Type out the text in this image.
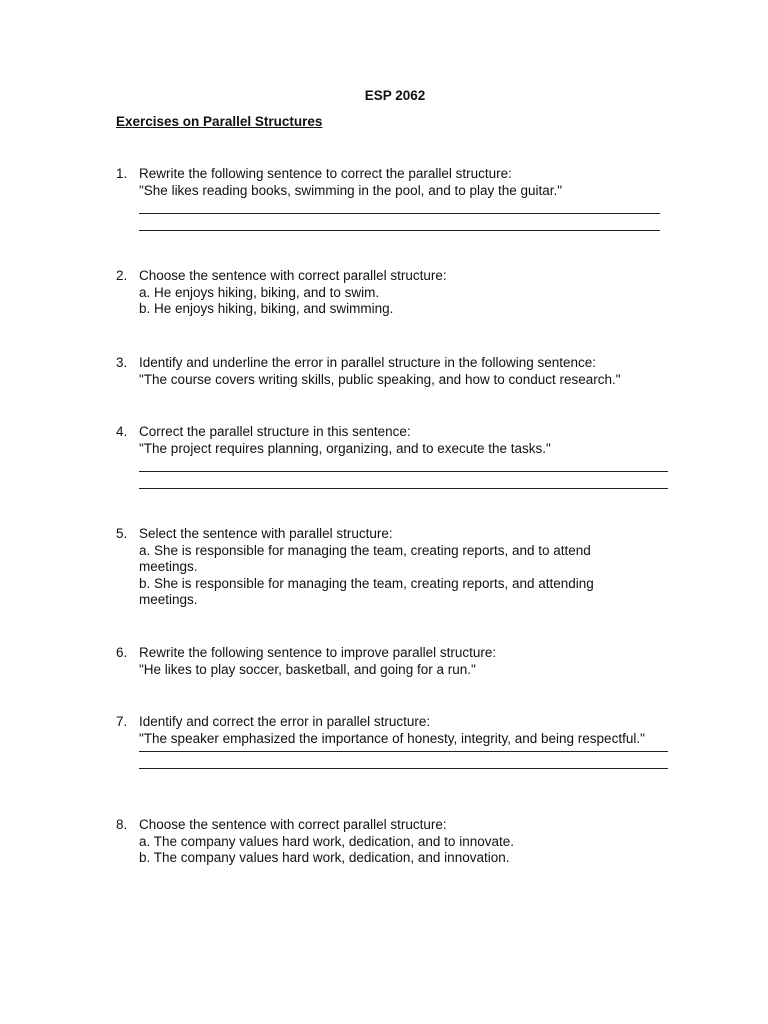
ESP 2062
Exercises on Parallel Structures
1. Rewrite the following sentence to correct the parallel structure:
"She likes reading books, swimming in the pool, and to play the guitar."
2. Choose the sentence with correct parallel structure:
a. He enjoys hiking, biking, and to swim.
b. He enjoys hiking, biking, and swimming.
3. Identify and underline the error in parallel structure in the following sentence:
"The course covers writing skills, public speaking, and how to conduct research."
4. Correct the parallel structure in this sentence:
"The project requires planning, organizing, and to execute the tasks."
5. Select the sentence with parallel structure:
a. She is responsible for managing the team, creating reports, and to attend meetings.
b. She is responsible for managing the team, creating reports, and attending meetings.
6. Rewrite the following sentence to improve parallel structure:
"He likes to play soccer, basketball, and going for a run."
7. Identify and correct the error in parallel structure:
"The speaker emphasized the importance of honesty, integrity, and being respectful."
8. Choose the sentence with correct parallel structure:
a. The company values hard work, dedication, and to innovate.
b. The company values hard work, dedication, and innovation.
